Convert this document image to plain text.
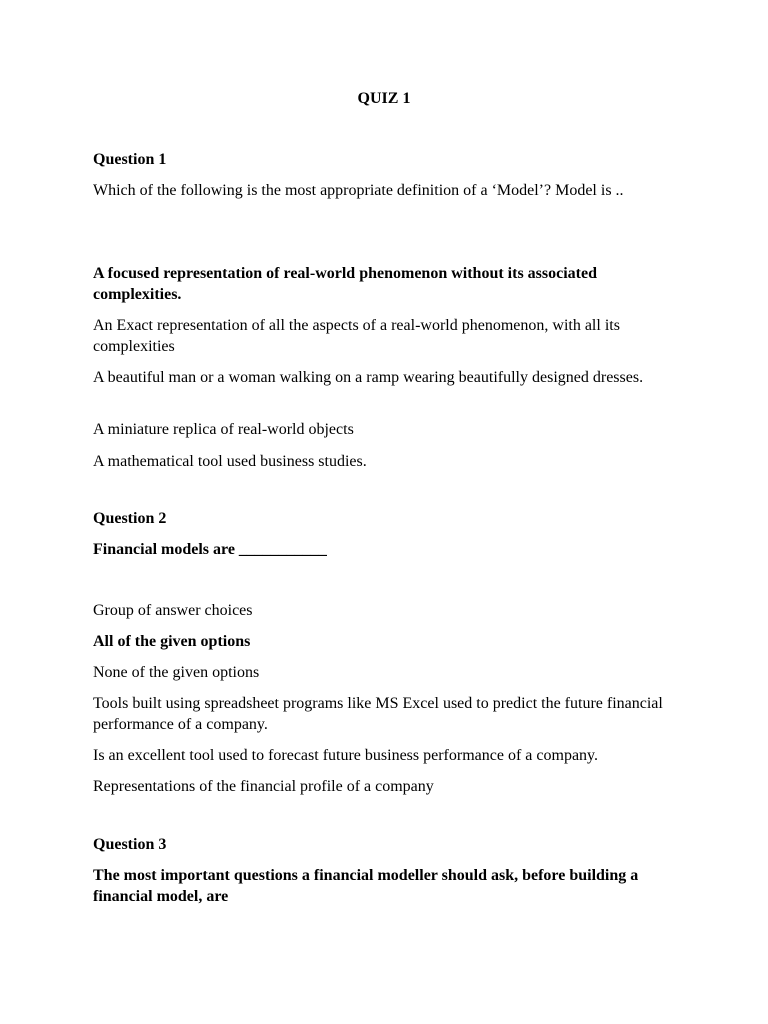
QUIZ 1
Question 1
Which of the following is the most appropriate definition of a ‘Model’? Model is ..
A focused representation of real-world phenomenon without its associated complexities.
An Exact representation of all the aspects of a real-world phenomenon, with all its complexities
A beautiful man or a woman walking on a ramp wearing beautifully designed dresses.
A miniature replica of real-world objects
A mathematical tool used business studies.
Question 2
Financial models are ___________
Group of answer choices
All of the given options
None of the given options
Tools built using spreadsheet programs like MS Excel used to predict the future financial performance of a company.
Is an excellent tool used to forecast future business performance of a company.
Representations of the financial profile of a company
Question 3
The most important questions a financial modeller should ask, before building a financial model, are
